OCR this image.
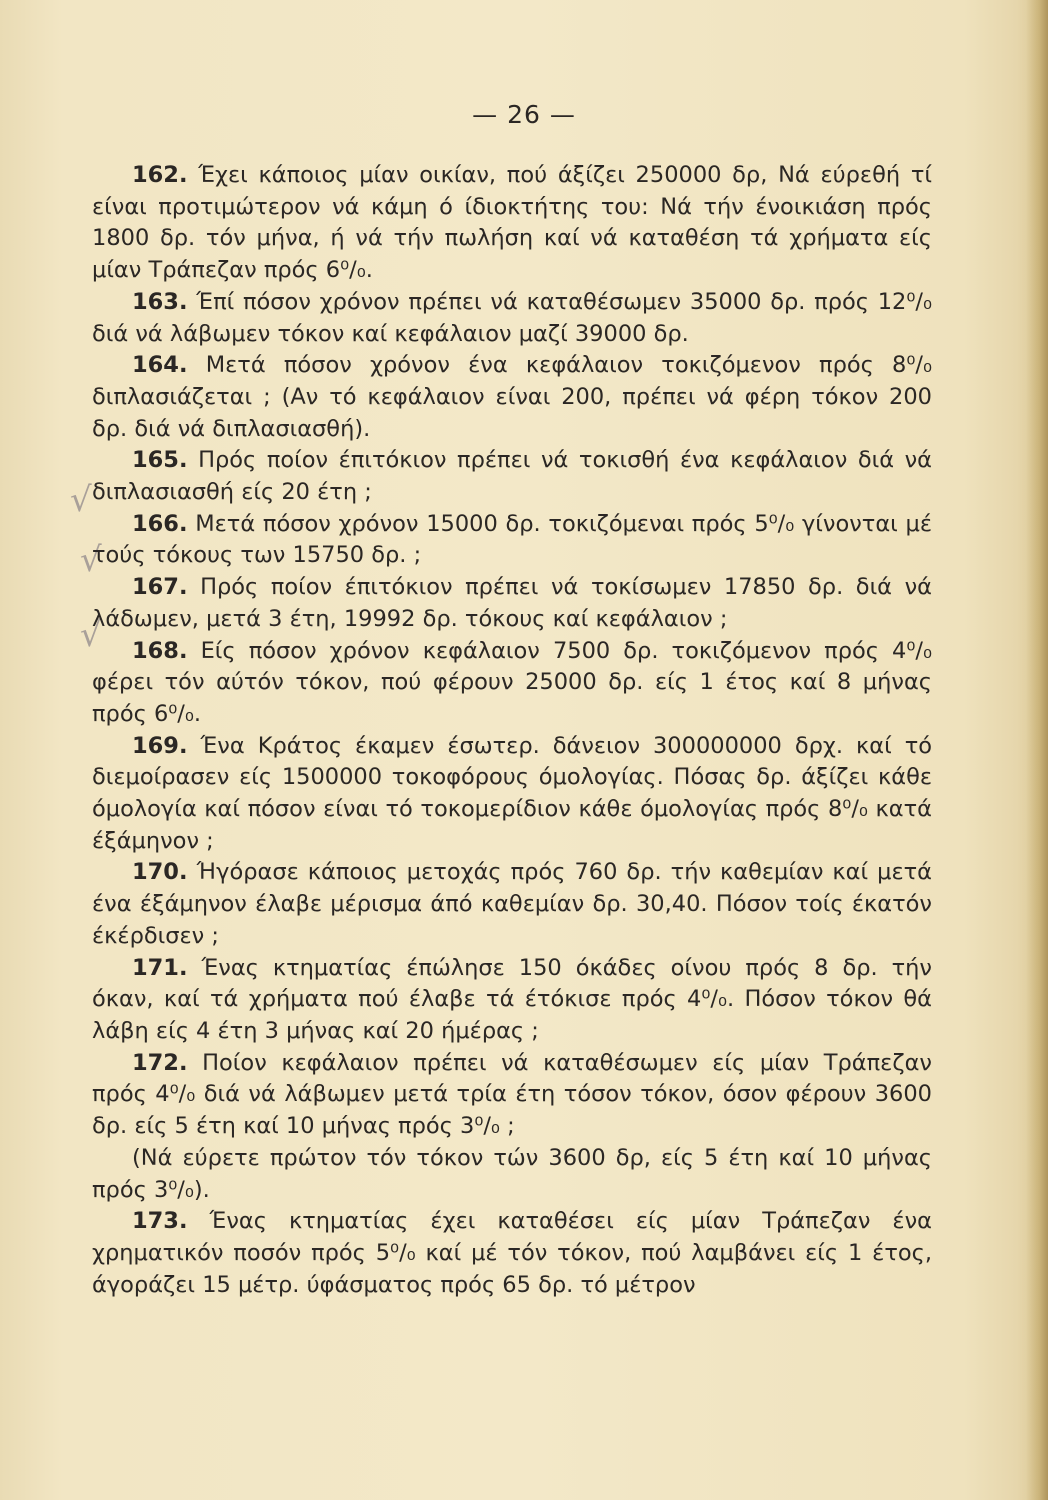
√
√
√
— 26 —

162. Έχει κάποιος μίαν οικίαν, πού άξίζει 250000 δρ, Νά εύρεθή τί είναι προτιμώτερον νά κάμη ό ίδιοκτήτης του: Νά τήν ένοικιάση πρός 1800 δρ. τόν μήνα, ή νά τήν πωλήση καί νά καταθέση τά χρήματα είς μίαν Τράπεζαν πρός 6⁰/₀.

163. Έπί πόσον χρόνον πρέπει νά καταθέσωμεν 35000 δρ. πρός 12⁰/₀ διά νά λάβωμεν τόκον καί κεφάλαιον μαζί 39000 δρ.

164. Μετά πόσον χρόνον ένα κεφάλαιον τοκιζόμενον πρός 8⁰/₀ διπλασιάζεται ; (Αν τό κεφάλαιον είναι 200, πρέπει νά φέρη τόκον 200 δρ. διά νά διπλασιασθή).

165. Πρός ποίον έπιτόκιον πρέπει νά τοκισθή ένα κεφάλαιον διά νά διπλασιασθή είς 20 έτη ;

166. Μετά πόσον χρόνον 15000 δρ. τοκιζόμεναι πρός 5⁰/₀ γίνονται μέ τούς τόκους των 15750 δρ. ;

167. Πρός ποίον έπιτόκιον πρέπει νά τοκίσωμεν 17850 δρ. διά νά λάδωμεν, μετά 3 έτη, 19992 δρ. τόκους καί κεφάλαιον ;

168. Είς πόσον χρόνον κεφάλαιον 7500 δρ. τοκιζόμενον πρός 4⁰/₀ φέρει τόν αύτόν τόκον, πού φέρουν 25000 δρ. είς 1 έτος καί 8 μήνας πρός 6⁰/₀.

169. Ένα Κράτος έκαμεν έσωτερ. δάνειον 300000000 δρχ. καί τό διεμοίρασεν είς 1500000 τοκοφόρους όμολογίας. Πόσας δρ. άξίζει κάθε όμολογία καί πόσον είναι τό τοκομερίδιον κάθε όμολογίας πρός 8⁰/₀ κατά έξάμηνον ;

170. Ήγόρασε κάποιος μετοχάς πρός 760 δρ. τήν καθεμίαν καί μετά ένα έξάμηνον έλαβε μέρισμα άπό καθεμίαν δρ. 30,40. Πόσον τοίς έκατόν έκέρδισεν ;

171. Ένας κτηματίας έπώλησε 150 όκάδες οίνου πρός 8 δρ. τήν όκαν, καί τά χρήματα πού έλαβε τά έτόκισε πρός 4⁰/₀. Πόσον τόκον θά λάβη είς 4 έτη 3 μήνας καί 20 ήμέρας ;

172. Ποίον κεφάλαιον πρέπει νά καταθέσωμεν είς μίαν Τράπεζαν πρός 4⁰/₀ διά νά λάβωμεν μετά τρία έτη τόσον τόκον, όσον φέρουν 3600 δρ. είς 5 έτη καί 10 μήνας πρός 3⁰/₀ ;

(Νά εύρετε πρώτον τόν τόκον τών 3600 δρ, είς 5 έτη καί 10 μήνας πρός 3⁰/₀).

173. Ένας κτηματίας έχει καταθέσει είς μίαν Τράπεζαν ένα χρηματικόν ποσόν πρός 5⁰/₀ καί μέ τόν τόκον, πού λαμβάνει είς 1 έτος, άγοράζει 15 μέτρ. ύφάσματος πρός 65 δρ. τό μέτρον
